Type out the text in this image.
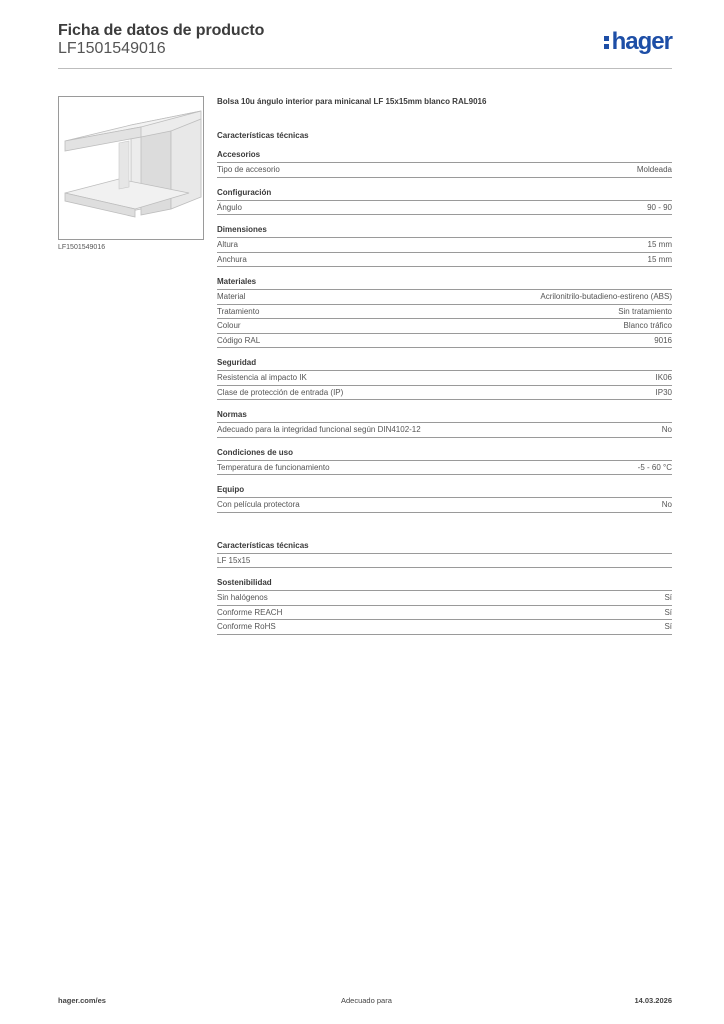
Ficha de datos de producto
LF1501549016	hager
LF1501549016
Bolsa 10u ángulo interior para minicanal LF 15x15mm blanco RAL9016
Características técnicas
Accesorios
Tipo de accesorio	Moldeada
Configuración
Ángulo	90 - 90
Dimensiones
Altura	15 mm
Anchura	15 mm
Materiales
Material	Acrilonitrilo-butadieno-estireno (ABS)
Tratamiento	Sin tratamiento
Colour	Blanco tráfico
Código RAL	9016
Seguridad
Resistencia al impacto IK	IK06
Clase de protección de entrada (IP)	IP30
Normas
Adecuado para la integridad funcional según DIN4102-12	No
Condiciones de uso
Temperatura de funcionamiento	-5 - 60 °C
Equipo
Con película protectora	No
Características técnicas
LF 15x15
Sostenibilidad
Sin halógenos	Sí
Conforme REACH	Sí
Conforme RoHS	Sí
hager.com/es	Adecuado para	14.03.2026
